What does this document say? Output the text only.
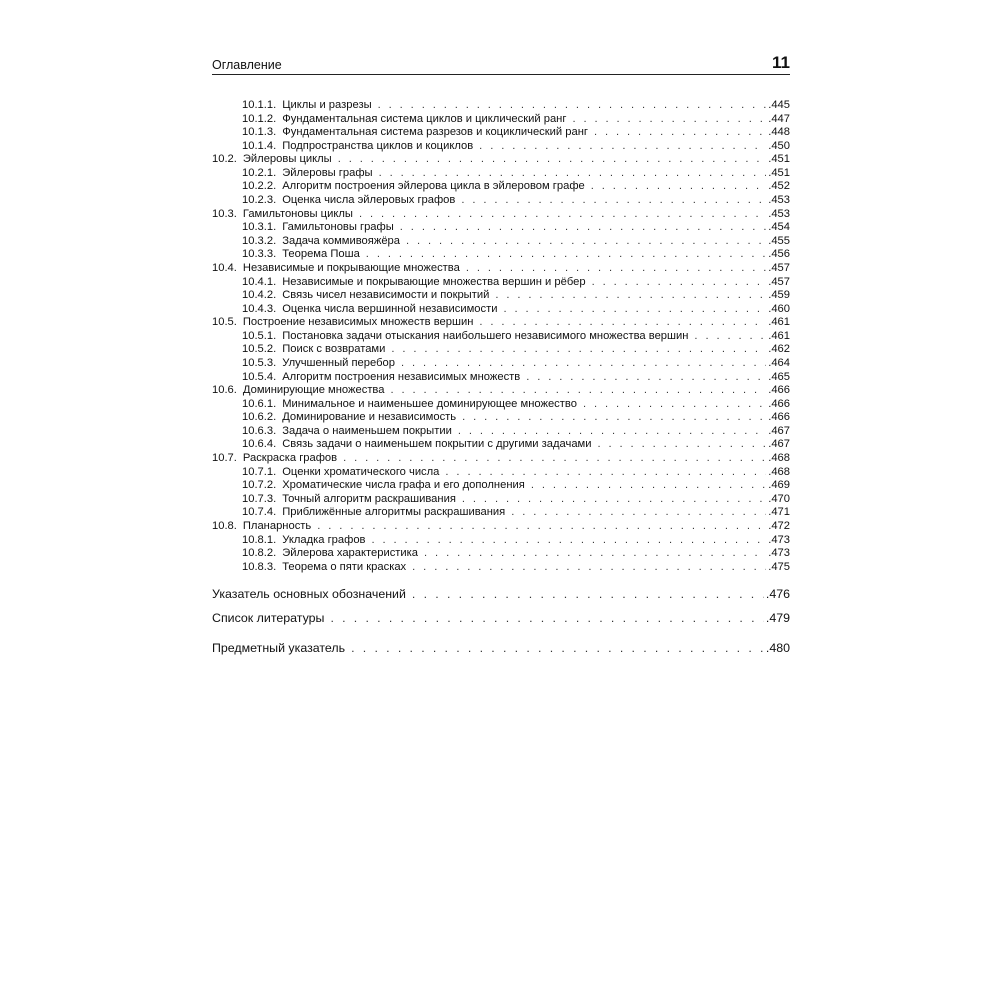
Оглавление	11
10.1.1. Циклы и разрезы . . .	.445
10.1.2. Фундаментальная система циклов и циклический ранг . . .	.447
10.1.3. Фундаментальная система разрезов и коциклический ранг . . .	.448
10.1.4. Подпространства циклов и коциклов . . .	.450
10.2. Эйлеровы циклы . . .	.451
10.2.1. Эйлеровы графы . . .	.451
10.2.2. Алгоритм построения эйлерова цикла в эйлеровом графе . . .	.452
10.2.3. Оценка числа эйлеровых графов . . .	.453
10.3. Гамильтоновы циклы . . .	.453
10.3.1. Гамильтоновы графы . . .	.454
10.3.2. Задача коммивояжёра . . .	.455
10.3.3. Теорема Поша . . .	.456
10.4. Независимые и покрывающие множества . . .	.457
10.4.1. Независимые и покрывающие множества вершин и рёбер . . .	.457
10.4.2. Связь чисел независимости и покрытий . . .	.459
10.4.3. Оценка числа вершинной независимости . . .	.460
10.5. Построение независимых множеств вершин . . .	.461
10.5.1. Постановка задачи отыскания наибольшего независимого множества вершин . . .	.461
10.5.2. Поиск с возвратами . . .	.462
10.5.3. Улучшенный перебор . . .	.464
10.5.4. Алгоритм построения независимых множеств . . .	.465
10.6. Доминирующие множества . . .	.466
10.6.1. Минимальное и наименьшее доминирующее множество . . .	.466
10.6.2. Доминирование и независимость . . .	.466
10.6.3. Задача о наименьшем покрытии . . .	.467
10.6.4. Связь задачи о наименьшем покрытии с другими задачами . . .	.467
10.7. Раскраска графов . . .	.468
10.7.1. Оценки хроматического числа . . .	.468
10.7.2. Хроматические числа графа и его дополнения . . .	.469
10.7.3. Точный алгоритм раскрашивания . . .	.470
10.7.4. Приближённые алгоритмы раскрашивания . . .	.471
10.8. Планарность . . .	.472
10.8.1. Укладка графов . . .	.473
10.8.2. Эйлерова характеристика . . .	.473
10.8.3. Теорема о пяти красках . . .	.475
Указатель основных обозначений . . .	.476
Список литературы . . .	.479
Предметный указатель . . .	.480
